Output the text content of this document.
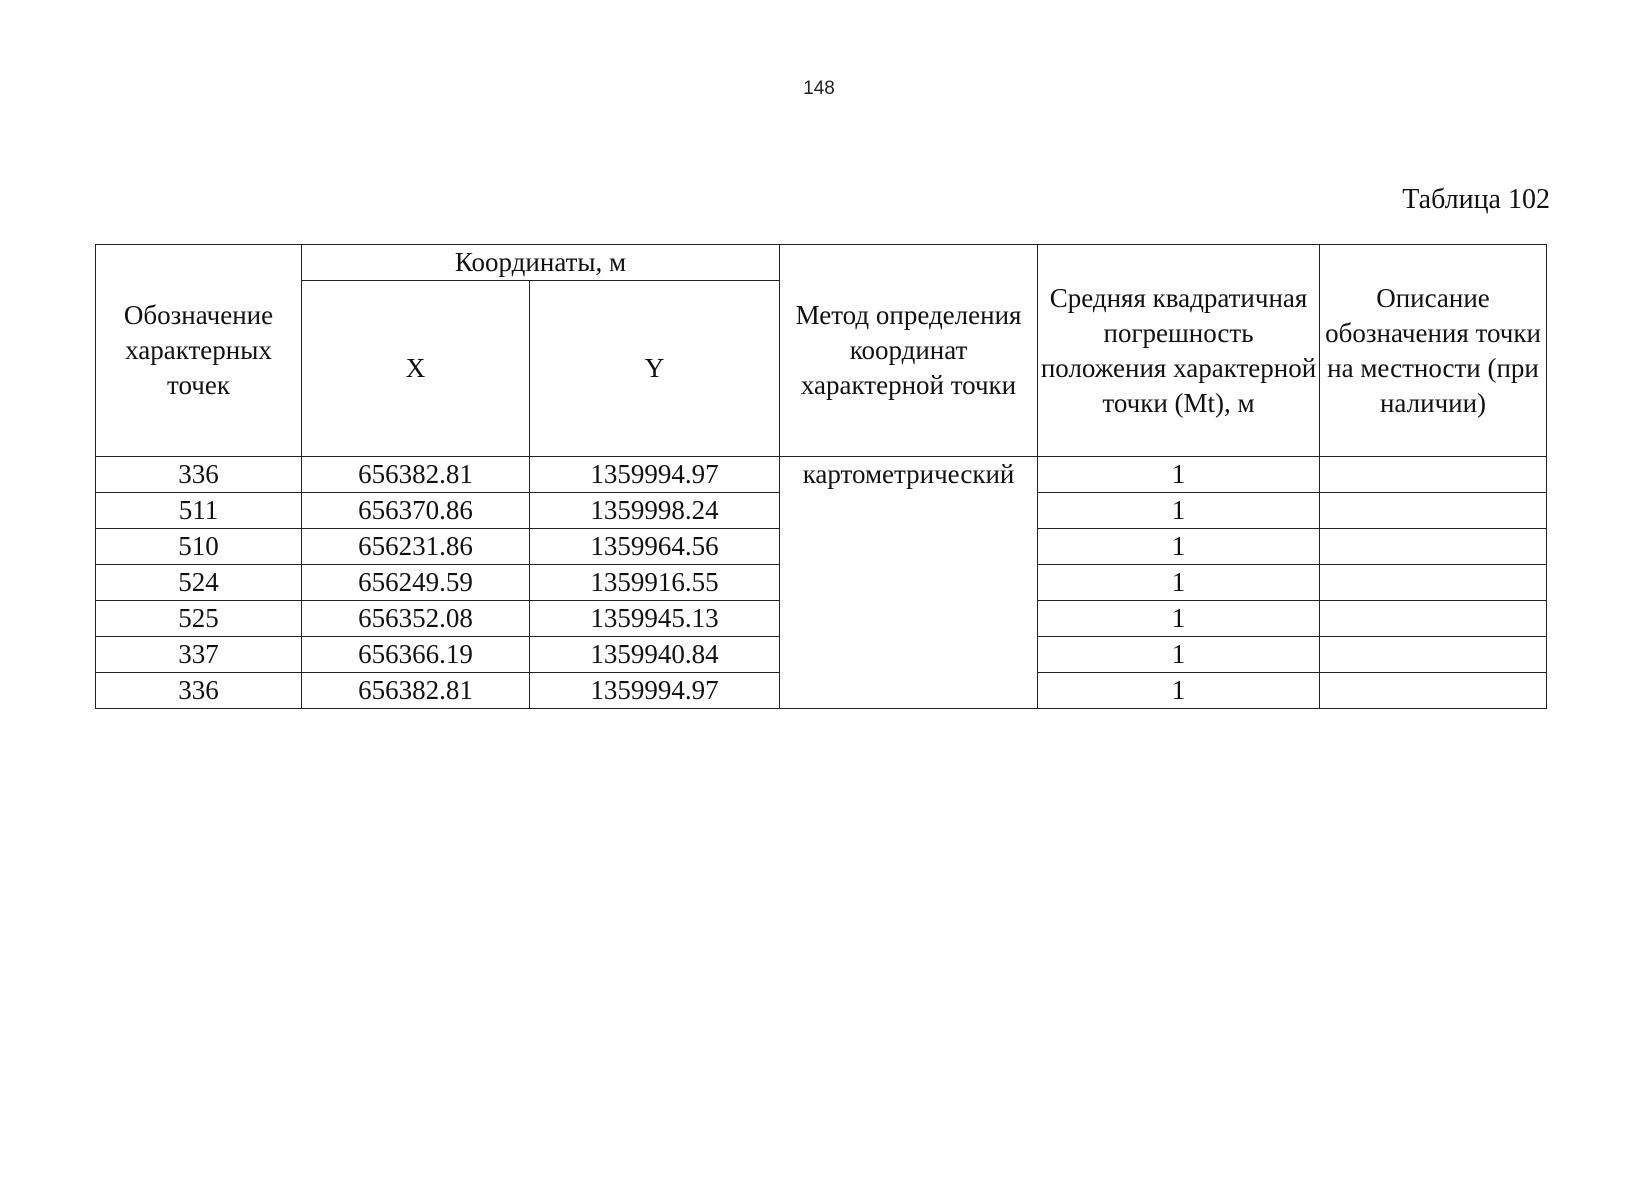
148
Таблица 102
Обозначение характерных точек	Координаты, м		Метод определения координат характерной точки	Средняя квадратичная погрешность положения характерной точки (Mt), м	Описание обозначения точки на местности (при наличии)
	X	Y			
336	656382.81	1359994.97	картометрический	1	
511	656370.86	1359998.24		1	
510	656231.86	1359964.56		1	
524	656249.59	1359916.55		1	
525	656352.08	1359945.13		1	
337	656366.19	1359940.84		1	
336	656382.81	1359994.97		1	
